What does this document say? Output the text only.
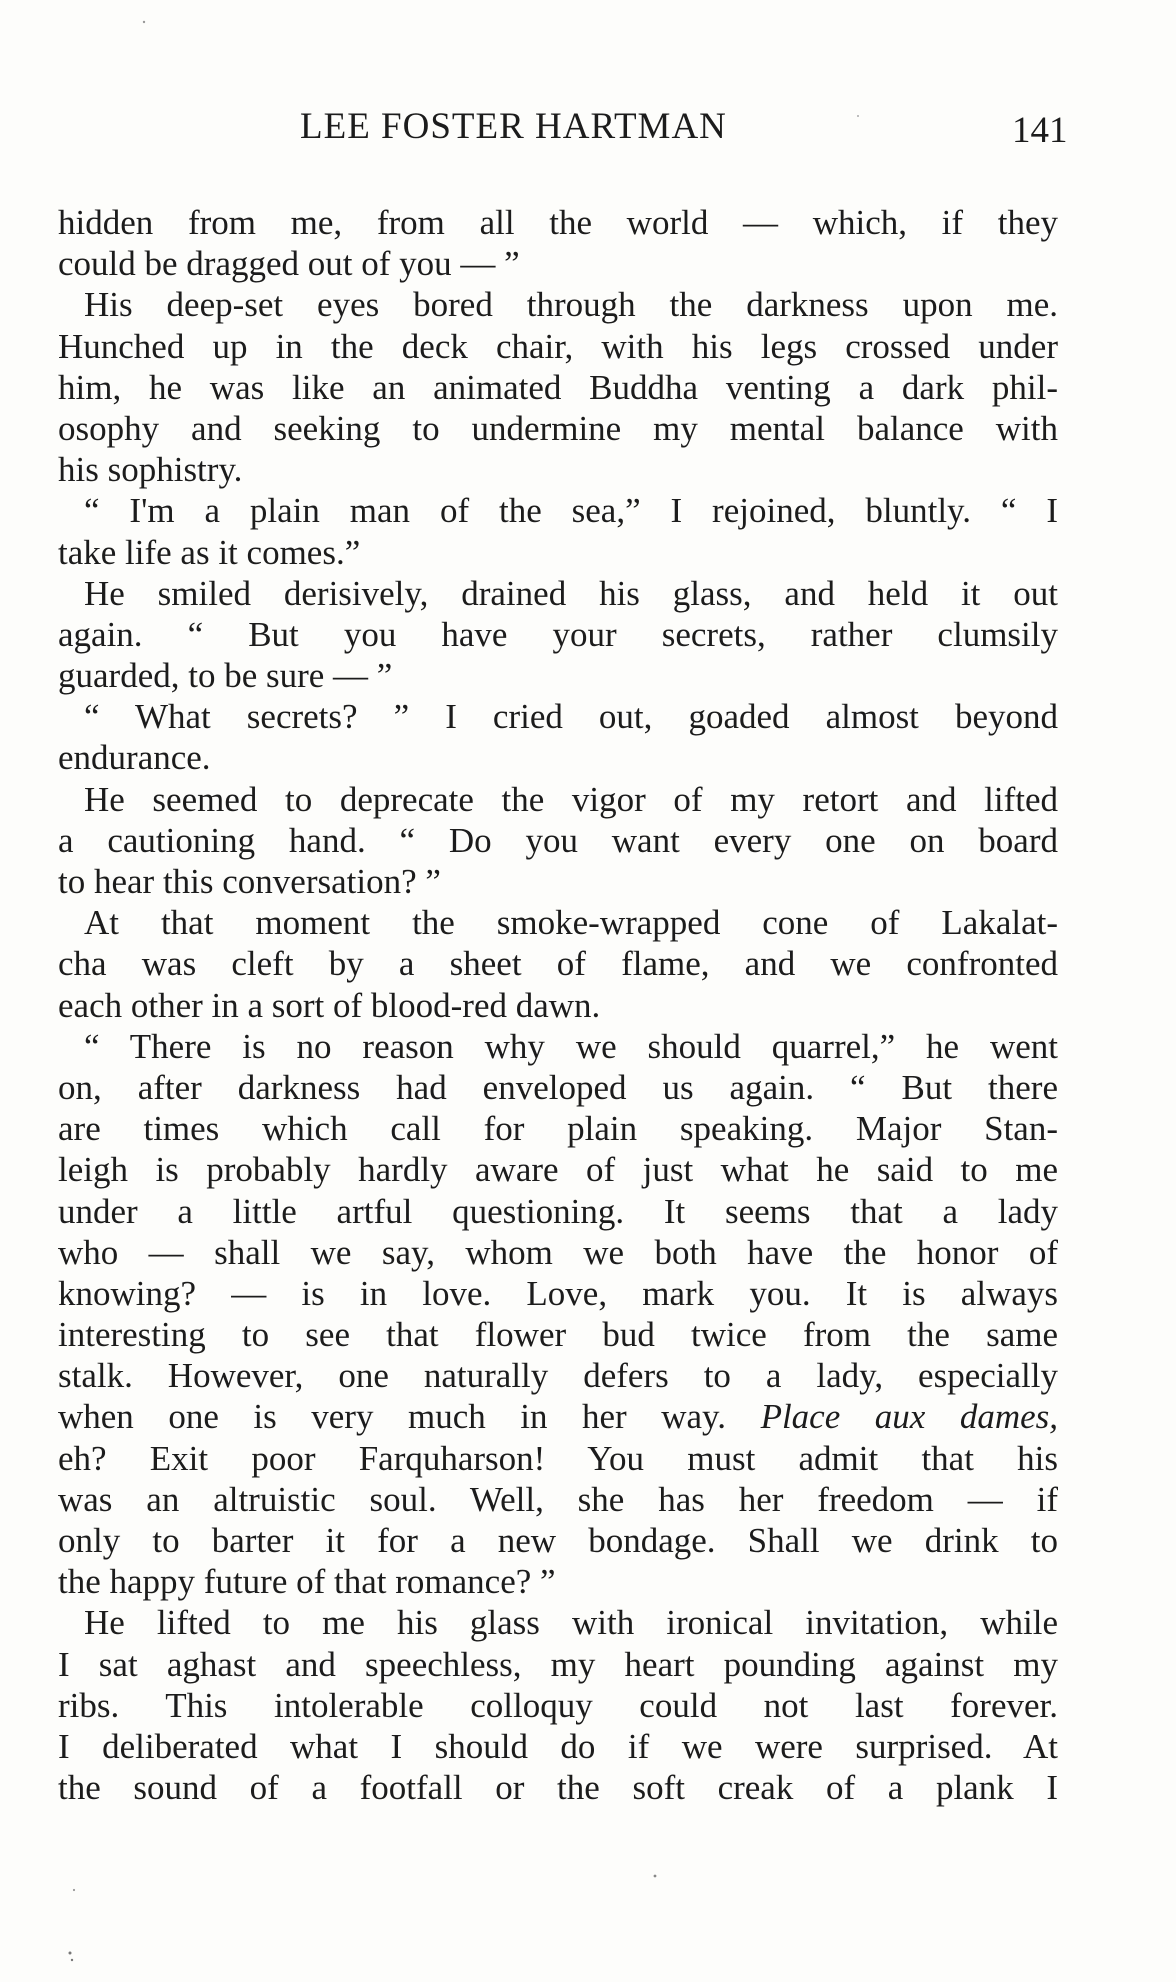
LEE FOSTER HARTMAN	141
hidden from me, from all the world — which, if they
could be dragged out of you — ”
His deep-set eyes bored through the darkness upon me.
Hunched up in the deck chair, with his legs crossed under
him, he was like an animated Buddha venting a dark phil-
osophy and seeking to undermine my mental balance with
his sophistry.
“ I'm a plain man of the sea,” I rejoined, bluntly. “ I
take life as it comes.”
He smiled derisively, drained his glass, and held it out
again. “ But you have your secrets, rather clumsily
guarded, to be sure — ”
“ What secrets? ” I cried out, goaded almost beyond
endurance.
He seemed to deprecate the vigor of my retort and lifted
a cautioning hand. “ Do you want every one on board
to hear this conversation? ”
At that moment the smoke-wrapped cone of Lakalat-
cha was cleft by a sheet of flame, and we confronted
each other in a sort of blood-red dawn.
“ There is no reason why we should quarrel,” he went
on, after darkness had enveloped us again. “ But there
are times which call for plain speaking. Major Stan-
leigh is probably hardly aware of just what he said to me
under a little artful questioning. It seems that a lady
who — shall we say, whom we both have the honor of
knowing? — is in love. Love, mark you. It is always
interesting to see that flower bud twice from the same
stalk. However, one naturally defers to a lady, especially
when one is very much in her way. Place aux dames,
eh? Exit poor Farquharson! You must admit that his
was an altruistic soul. Well, she has her freedom — if
only to barter it for a new bondage. Shall we drink to
the happy future of that romance? ”
He lifted to me his glass with ironical invitation, while
I sat aghast and speechless, my heart pounding against my
ribs. This intolerable colloquy could not last forever.
I deliberated what I should do if we were surprised. At
the sound of a footfall or the soft creak of a plank I
